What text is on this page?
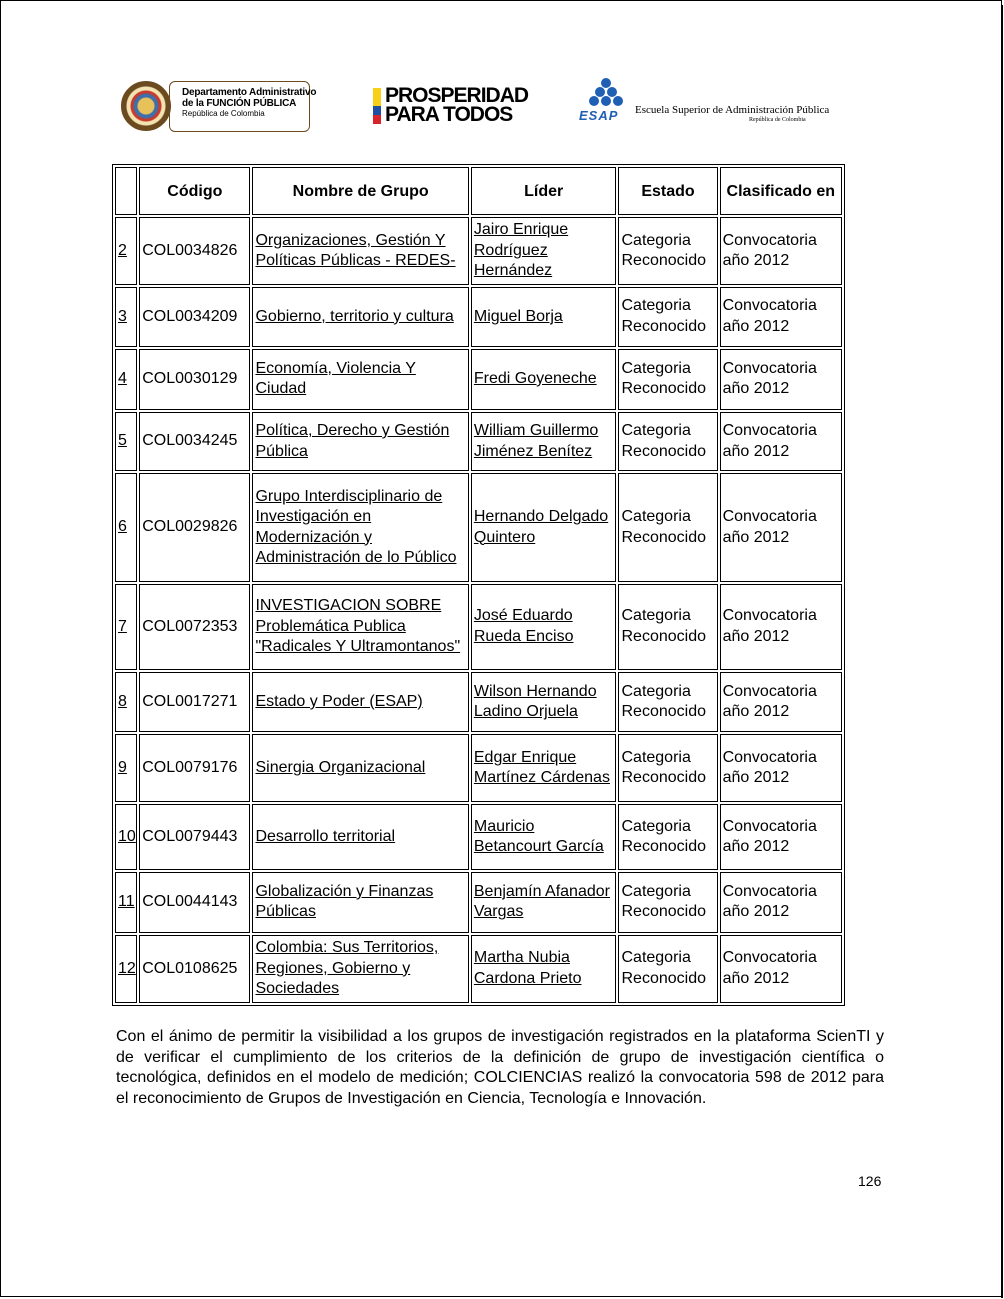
Departamento Administrativo
de la FUNCIÓN PÚBLICA
República de Colombia
PROSPERIDAD
PARA TODOS	ESAP Escuela Superior de Administración Pública
República de Colombia
	Código	Nombre de Grupo	Líder	Estado	Clasificado en
2	COL0034826	Organizaciones, Gestión Y Políticas Públicas - REDES-	Jairo Enrique Rodríguez Hernández	Categoria Reconocido	Convocatoria año 2012
3	COL0034209	Gobierno, territorio y cultura	Miguel Borja	Categoria Reconocido	Convocatoria año 2012
4	COL0030129	Economía, Violencia Y Ciudad	Fredi Goyeneche	Categoria Reconocido	Convocatoria año 2012
5	COL0034245	Política, Derecho y Gestión Pública	William Guillermo Jiménez Benítez	Categoria Reconocido	Convocatoria año 2012
6	COL0029826	Grupo Interdisciplinario de Investigación en Modernización y Administración de lo Público	Hernando Delgado Quintero	Categoria Reconocido	Convocatoria año 2012
7	COL0072353	INVESTIGACION SOBRE Problemática Publica "Radicales Y Ultramontanos"	José Eduardo Rueda Enciso	Categoria Reconocido	Convocatoria año 2012
8	COL0017271	Estado y Poder (ESAP)	Wilson Hernando Ladino Orjuela	Categoria Reconocido	Convocatoria año 2012
9	COL0079176	Sinergia Organizacional	Edgar Enrique Martínez Cárdenas	Categoria Reconocido	Convocatoria año 2012
10	COL0079443	Desarrollo territorial	Mauricio Betancourt García	Categoria Reconocido	Convocatoria año 2012
11	COL0044143	Globalización y Finanzas Públicas	Benjamín Afanador Vargas	Categoria Reconocido	Convocatoria año 2012
12	COL0108625	Colombia: Sus Territorios, Regiones, Gobierno y Sociedades	Martha Nubia Cardona Prieto	Categoria Reconocido	Convocatoria año 2012

Con el ánimo de permitir la visibilidad a los grupos de investigación registrados en la plataforma ScienTI y de verificar el cumplimiento de los criterios de la definición de grupo de investigación científica o tecnológica, definidos en el modelo de medición; COLCIENCIAS realizó la convocatoria 598 de 2012 para el reconocimiento de Grupos de Investigación en Ciencia, Tecnología e Innovación.

126
